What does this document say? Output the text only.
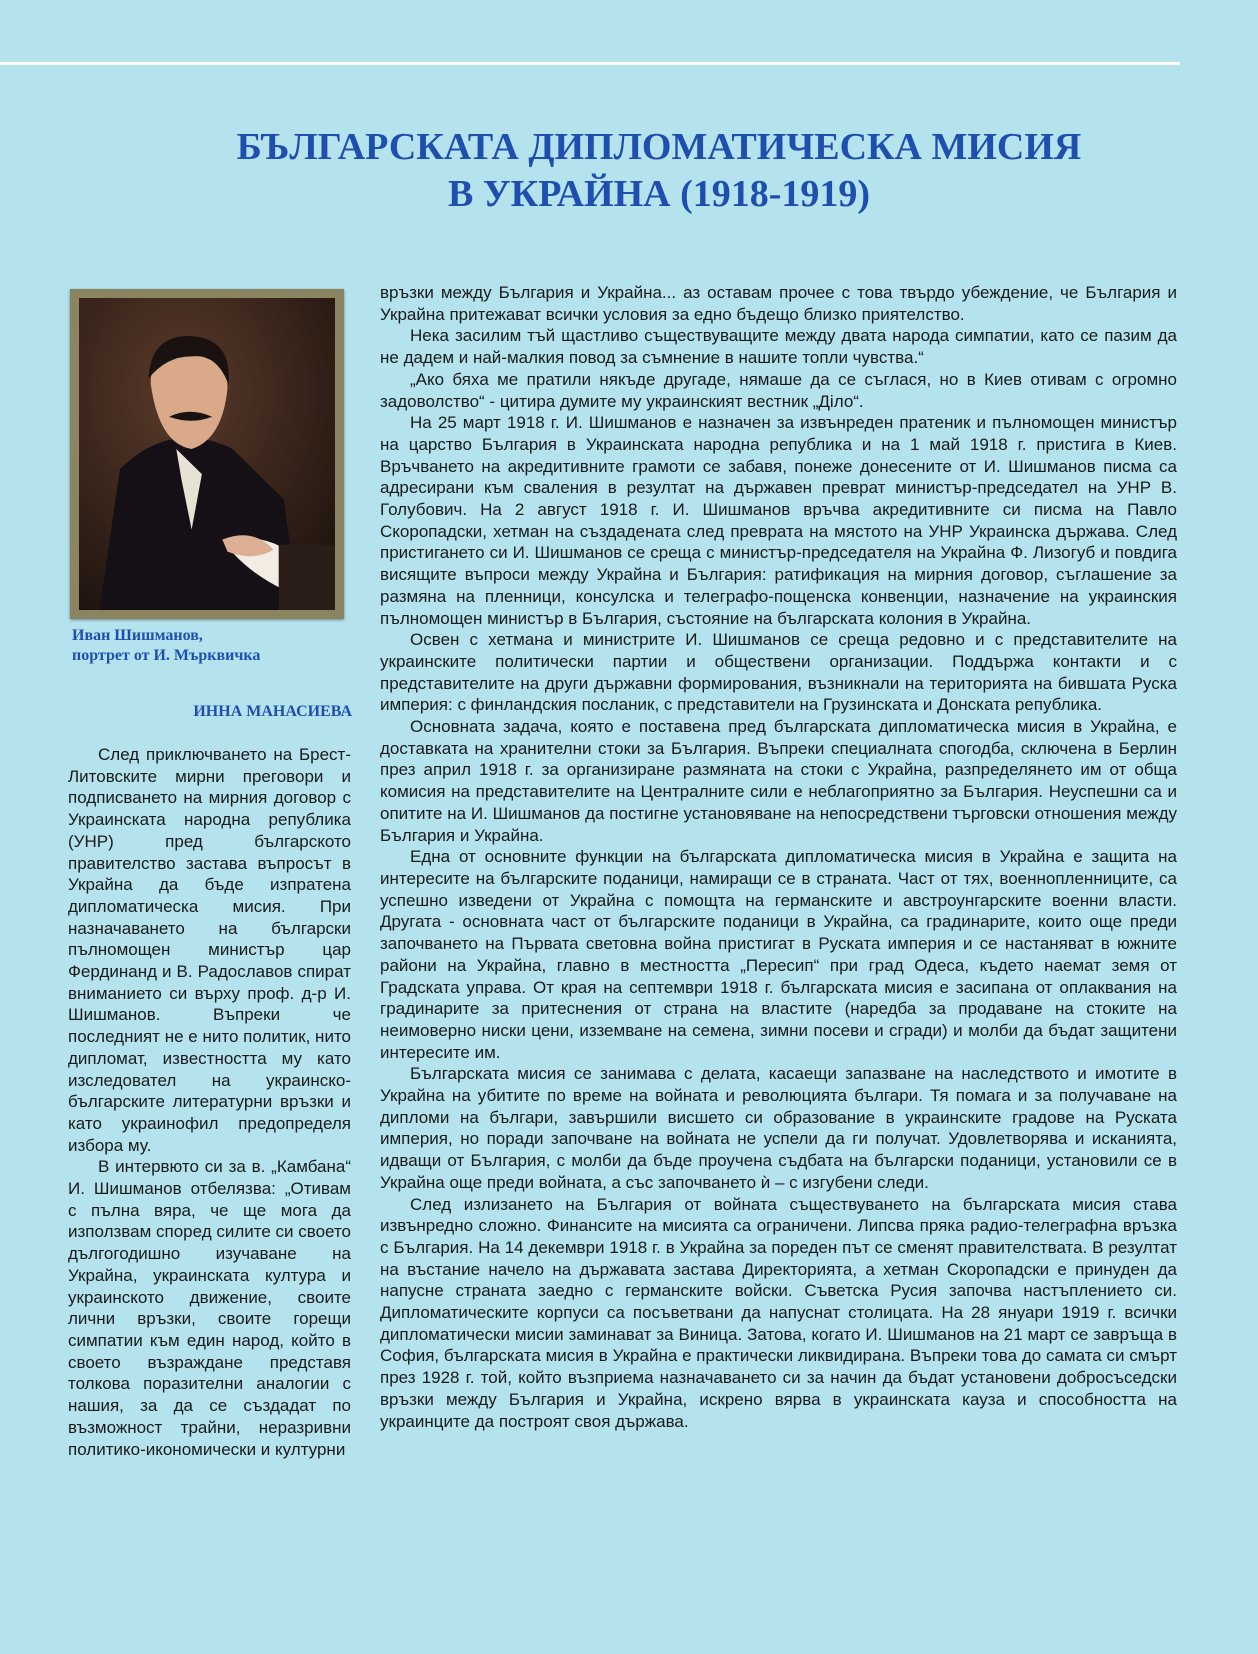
БЪЛГАРСКАТА ДИПЛОМАТИЧЕСКА МИСИЯ
В УКРАЙНА (1918-1919)
Иван Шишманов,
портрет от И. Мърквичка
ИННА МАНАСИЕВА

След приключването на Брест-Литовските мирни преговори и подписването на мирния договор с Украинската народна република (УНР) пред българското правителство застава въпросът в Украйна да бъде изпратена дипломатическа мисия. При назначаването на български пълномощен министър цар Фердинанд и В. Радославов спират вниманието си върху проф. д-р И. Шишманов. Въпреки че последният не е нито политик, нито дипломат, известността му като изследовател на украинско-българските литературни връзки и като украинофил предопределя избора му.

В интервюто си за в. „Камбана“ И. Шишманов отбелязва: „Отивам с пълна вяра, че ще мога да използвам според силите си своето дългогодишно изучаване на Украйна, украинската култура и украинското движение, своите лични връзки, своите горещи симпатии към един народ, който в своето възраждане представя толкова поразителни аналогии с нашия, за да се създадат по възможност трайни, неразривни политико-икономически и културни

връзки между България и Украйна... аз оставам прочее с това твърдо убеждение, че България и Украйна притежават всички условия за едно бъдещо близко приятелство.

Нека засилим тъй щастливо съществуващите между двата народа симпатии, като се пазим да не дадем и най-малкия повод за съмнение в нашите топли чувства.“

„Ако бяха ме пратили някъде другаде, нямаше да се съглася, но в Киев отивам с огромно задоволство“ - цитира думите му украинският вестник „Діло“.

На 25 март 1918 г. И. Шишманов е назначен за извънреден пратеник и пълномощен министър на царство България в Украинската народна република и на 1 май 1918 г. пристига в Киев. Връчването на акредитивните грамоти се забавя, понеже донесените от И. Шишманов писма са адресирани към сваления в резултат на държавен преврат министър-председател на УНР В. Голубович. На 2 август 1918 г. И. Шишманов връчва акредитивните си писма на Павло Скоропадски, хетман на създадената след преврата на мястото на УНР Украинска държава. След пристигането си И. Шишманов се среща с министър-председателя на Украйна Ф. Лизогуб и повдига висящите въпроси между Украйна и България: ратификация на мирния договор, съглашение за размяна на пленници, консулска и телеграфо-пощенска конвенции, назначение на украинския пълномощен министър в България, състояние на българската колония в Украйна.

Освен с хетмана и министрите И. Шишманов се среща редовно и с представителите на украинските политически партии и обществени организации. Поддържа контакти и с представителите на други държавни формирования, възникнали на територията на бившата Руска империя: с финландския посланик, с представители на Грузинската и Донската република.

Основната задача, която е поставена пред българската дипломатическа мисия в Украйна, е доставката на хранителни стоки за България. Въпреки специалната спогодба, сключена в Берлин през април 1918 г. за организиране размяната на стоки с Украйна, разпределянето им от обща комисия на представителите на Централните сили е неблагоприятно за България. Неуспешни са и опитите на И. Шишманов да постигне установяване на непосредствени търговски отношения между България и Украйна.

Една от основните функции на българската дипломатическа мисия в Украйна е защита на интересите на българските поданици, намиращи се в страната. Част от тях, военнопленниците, са успешно изведени от Украйна с помощта на германските и австроунгарските военни власти. Другата - основната част от българските поданици в Украйна, са градинарите, които още преди започването на Първата световна война пристигат в Руската империя и се настаняват в южните райони на Украйна, главно в местността „Пересип“ при град Одеса, където наемат земя от Градската управа. От края на септември 1918 г. българската мисия е засипана от оплаквания на градинарите за притеснения от страна на властите (наредба за продаване на стоките на неимоверно ниски цени, изземване на семена, зимни посеви и сгради) и молби да бъдат защитени интересите им.

Българската мисия се занимава с делата, касаещи запазване на наследството и имотите в Украйна на убитите по време на войната и революцията българи. Тя помага и за получаване на дипломи на българи, завършили висшето си образование в украинските градове на Руската империя, но поради започване на войната не успели да ги получат. Удовлетворява и исканията, идващи от България, с молби да бъде проучена съдбата на български поданици, установили се в Украйна още преди войната, а със започването ѝ – с изгубени следи.

След излизането на България от войната съществуването на българската мисия става извънредно сложно. Финансите на мисията са ограничени. Липсва пряка радио-телеграфна връзка с България. На 14 декември 1918 г. в Украйна за пореден път се сменят правителствата. В резултат на въстание начело на държавата застава Директорията, а хетман Скоропадски е принуден да напусне страната заедно с германските войски. Съветска Русия започва настъплението си. Дипломатическите корпуси са посъветвани да напуснат столицата. На 28 януари 1919 г. всички дипломатически мисии заминават за Виница. Затова, когато И. Шишманов на 21 март се завръща в София, българската мисия в Украйна е практически ликвидирана. Въпреки това до самата си смърт през 1928 г. той, който възприема назначаването си за начин да бъдат установени добросъседски връзки между България и Украйна, искрено вярва в украинската кауза и способността на украинците да построят своя държава.
